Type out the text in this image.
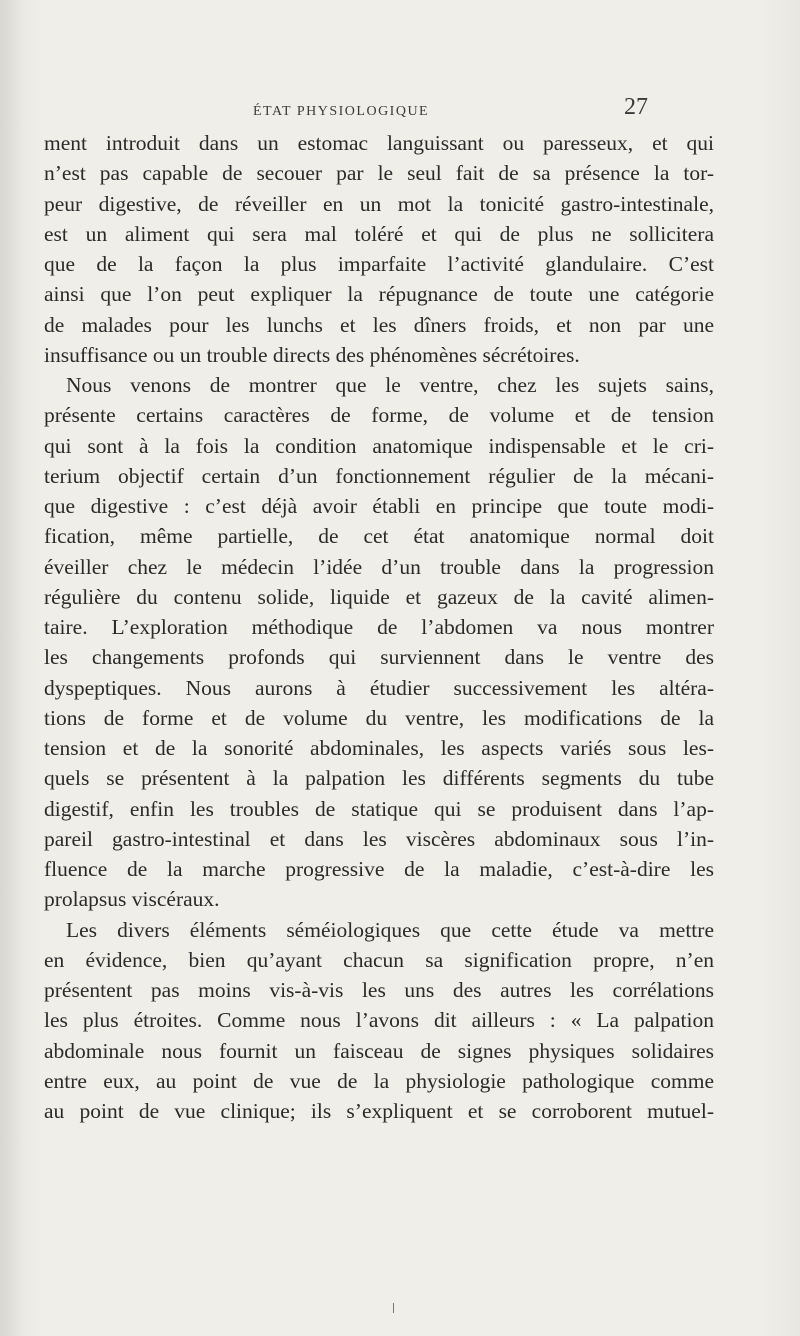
ÉTAT PHYSIOLOGIQUE	27
ment introduit dans un estomac languissant ou paresseux, et qui
n’est pas capable de secouer par le seul fait de sa présence la tor-
peur digestive, de réveiller en un mot la tonicité gastro-intestinale,
est un aliment qui sera mal toléré et qui de plus ne sollicitera
que de la façon la plus imparfaite l’activité glandulaire. C’est
ainsi que l’on peut expliquer la répugnance de toute une catégorie
de malades pour les lunchs et les dîners froids, et non par une
insuffisance ou un trouble directs des phénomènes sécrétoires.
Nous venons de montrer que le ventre, chez les sujets sains,
présente certains caractères de forme, de volume et de tension
qui sont à la fois la condition anatomique indispensable et le cri-
terium objectif certain d’un fonctionnement régulier de la mécani-
que digestive : c’est déjà avoir établi en principe que toute modi-
fication, même partielle, de cet état anatomique normal doit
éveiller chez le médecin l’idée d’un trouble dans la progression
régulière du contenu solide, liquide et gazeux de la cavité alimen-
taire. L’exploration méthodique de l’abdomen va nous montrer
les changements profonds qui surviennent dans le ventre des
dyspeptiques. Nous aurons à étudier successivement les altéra-
tions de forme et de volume du ventre, les modifications de la
tension et de la sonorité abdominales, les aspects variés sous les-
quels se présentent à la palpation les différents segments du tube
digestif, enfin les troubles de statique qui se produisent dans l’ap-
pareil gastro-intestinal et dans les viscères abdominaux sous l’in-
fluence de la marche progressive de la maladie, c’est-à-dire les
prolapsus viscéraux.
Les divers éléments séméiologiques que cette étude va mettre
en évidence, bien qu’ayant chacun sa signification propre, n’en
présentent pas moins vis-à-vis les uns des autres les corrélations
les plus étroites. Comme nous l’avons dit ailleurs : « La palpation
abdominale nous fournit un faisceau de signes physiques solidaires
entre eux, au point de vue de la physiologie pathologique comme
au point de vue clinique; ils s’expliquent et se corroborent mutuel-
